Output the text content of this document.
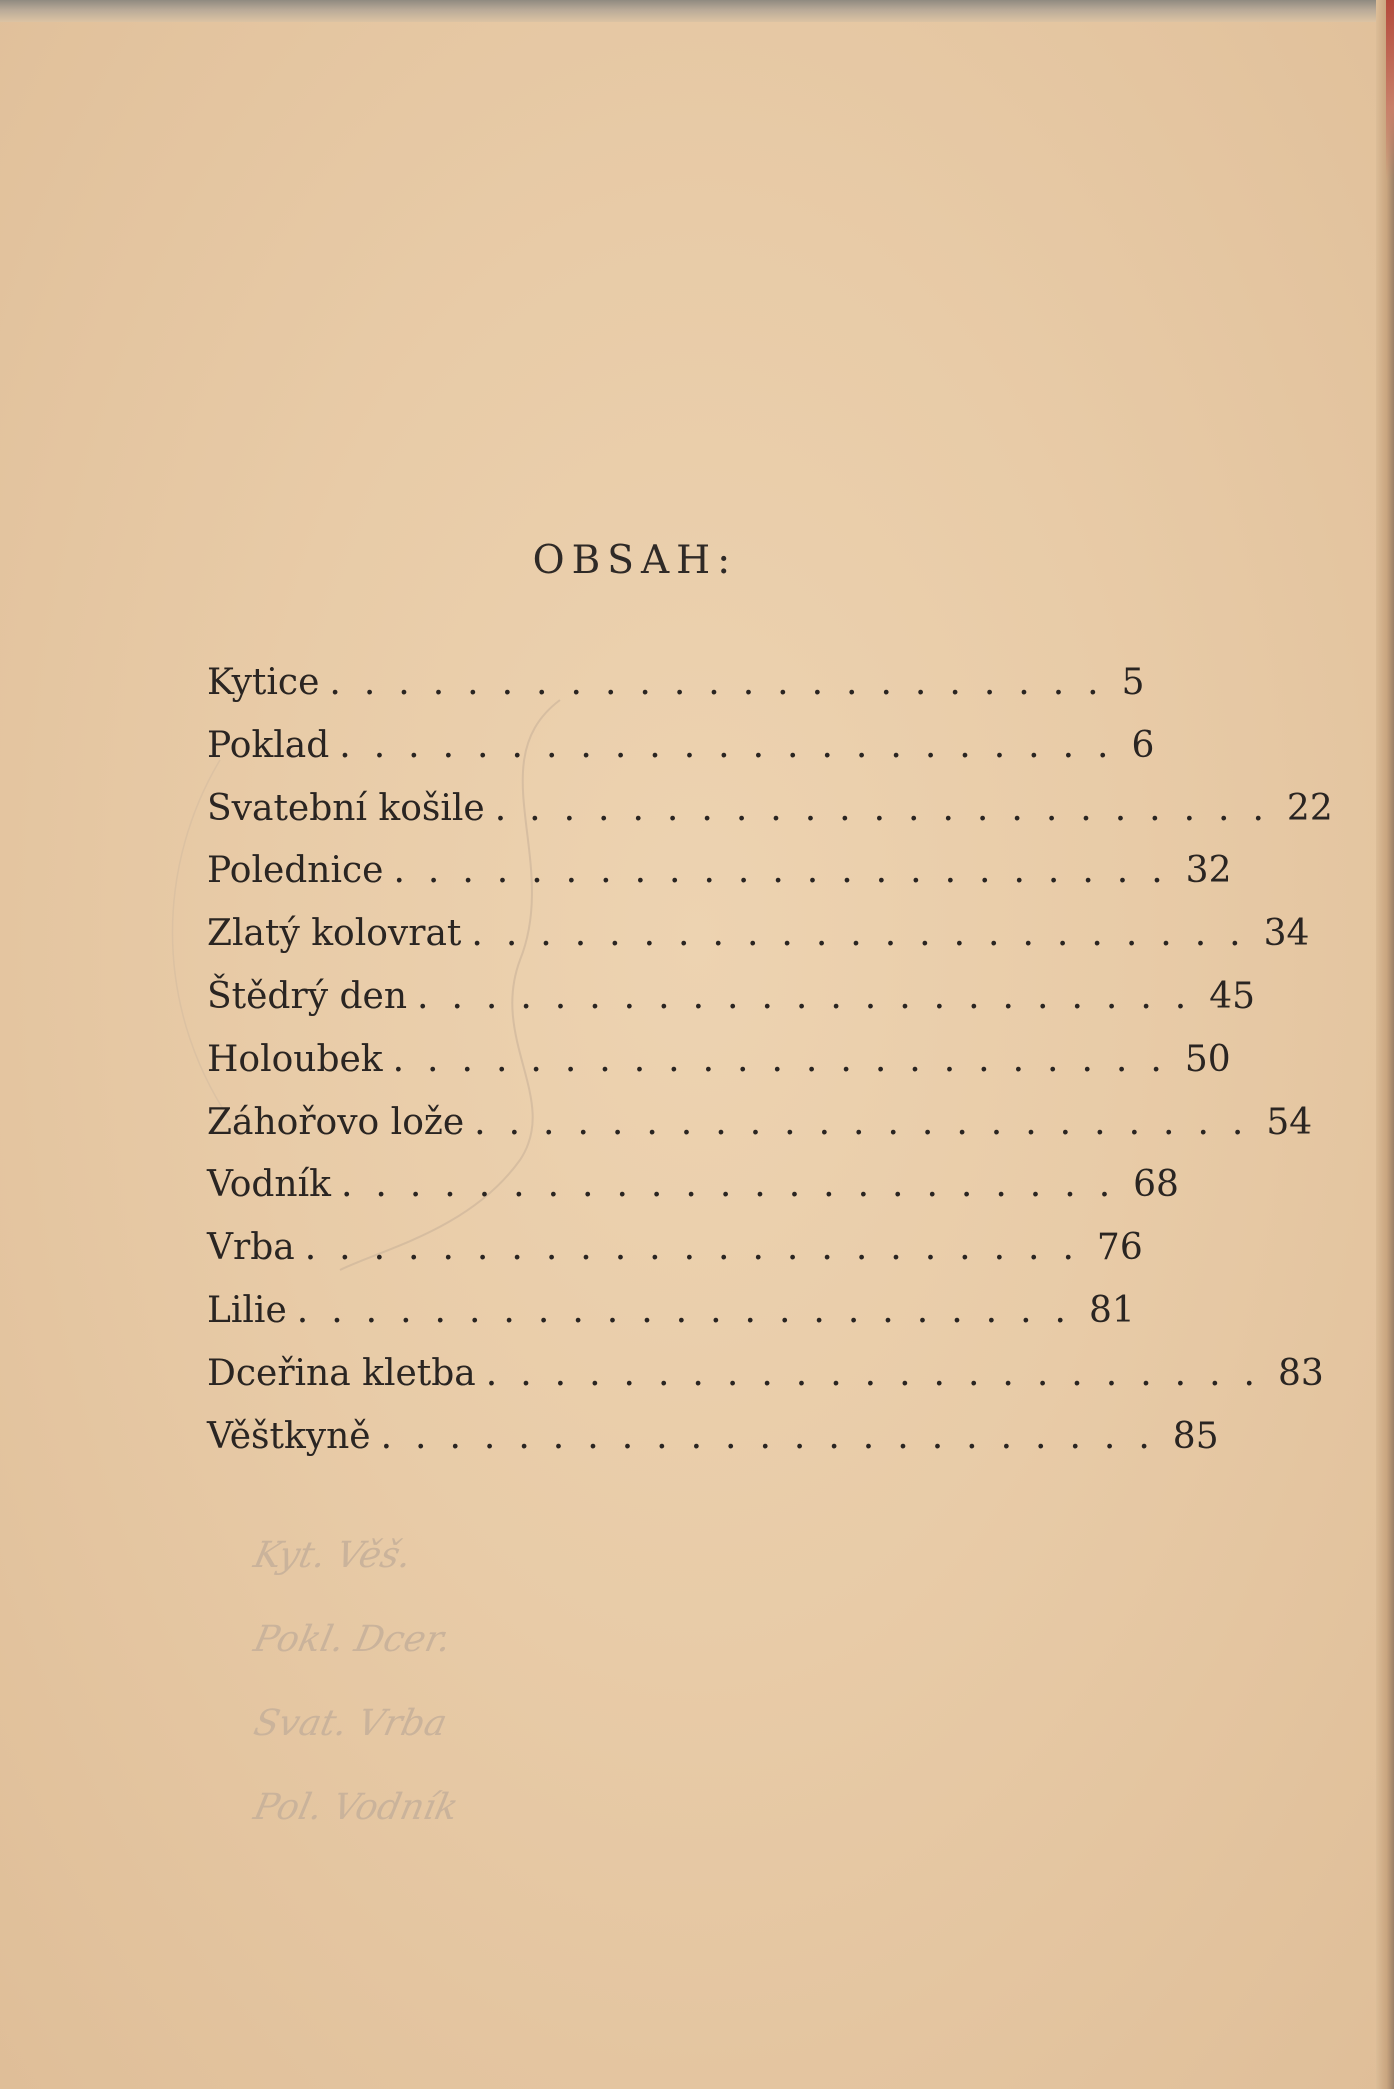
OBSAH:
Kytice ....................... 5
Poklad ....................... 6
Svatební košile ....................... 22
Polednice ....................... 32
Zlatý kolovrat ....................... 34
Štědrý den ....................... 45
Holoubek ....................... 50
Záhořovo lože ....................... 54
Vodník ....................... 68
Vrba ....................... 76
Lilie ....................... 81
Dceřina kletba ....................... 83
Věštkyně ....................... 85
Kyt. Věš.
Pokl. Dcer.
Svat. Vrba
Pol. Vodník
